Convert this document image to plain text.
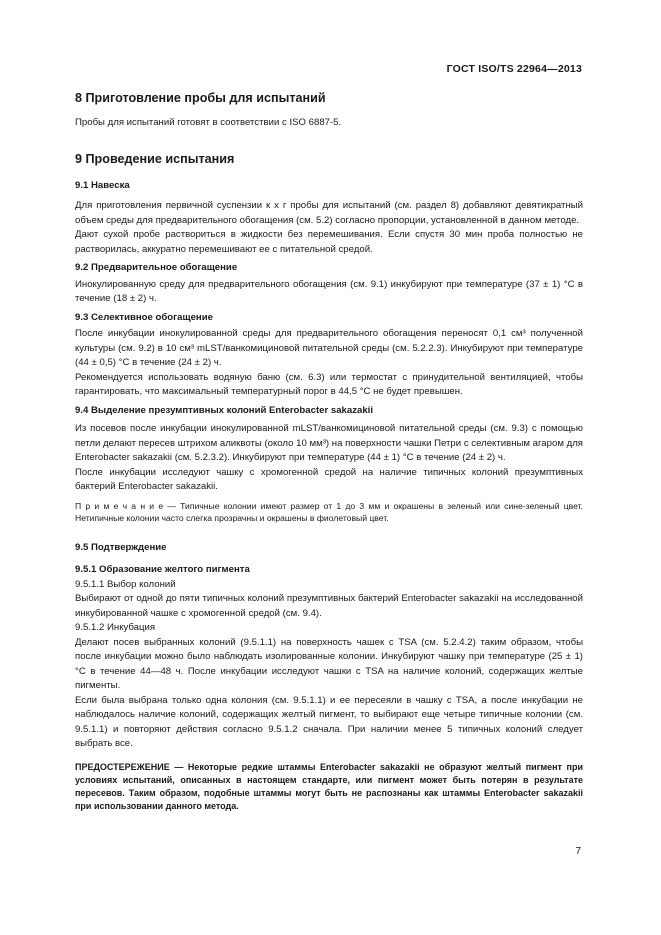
ГОСТ ISO/TS 22964—2013
8 Приготовление пробы для испытаний

Пробы для испытаний готовят в соответствии с ISO 6887-5.

9 Проведение испытания
9.1 Навеска

Для приготовления первичной суспензии к x г пробы для испытаний (см. раздел 8) добавляют девятикратный объем среды для предварительного обогащения (см. 5.2) согласно пропорции, установленной в данном методе.

Дают сухой пробе раствориться в жидкости без перемешивания. Если спустя 30 мин проба полностью не растворилась, аккуратно перемешивают ее с питательной средой.

9.2 Предварительное обогащение

Инокулированную среду для предварительного обогащения (см. 9.1) инкубируют при температуре (37 ± 1) °С в течение (18 ± 2) ч.

9.3 Селективное обогащение

После инкубации инокулированной среды для предварительного обогащения переносят 0,1 см³ полученной культуры (см. 9.2) в 10 см³ mLST/ванкомициновой питательной среды (см. 5.2.2.3). Инкубируют при температуре (44 ± 0,5) °С в течение (24 ± 2) ч.

Рекомендуется использовать водяную баню (см. 6.3) или термостат с принудительной вентиляцией, чтобы гарантировать, что максимальный температурный порог в 44,5 °С не будет превышен.

9.4 Выделение презумптивных колоний Enterobacter sakazakii

Из посевов после инкубации инокулированной mLST/ванкомициновой питательной среды (см. 9.3) с помощью петли делают пересев штрихом аликвоты (около 10 мм³) на поверхности чашки Петри с селективным агаром для Enterobacter sakazakii (см. 5.2.3.2). Инкубируют при температуре (44 ± 1) °С в течение (24 ± 2) ч.

После инкубации исследуют чашку с хромогенной средой на наличие типичных колоний презумптивных бактерий Enterobacter sakazakii.

П р и м е ч а н и е — Типичные колонии имеют размер от 1 до 3 мм и окрашены в зеленый или сине-зеленый цвет. Нетипичные колонии часто слегка прозрачны и окрашены в фиолетовый цвет.

9.5 Подтверждение
9.5.1 Образование желтого пигмента

9.5.1.1 Выбор колоний

Выбирают от одной до пяти типичных колоний презумптивных бактерий Enterobacter sakazakii на исследованной инкубированной чашке с хромогенной средой (см. 9.4).

9.5.1.2 Инкубация

Делают посев выбранных колоний (9.5.1.1) на поверхность чашек с TSA (см. 5.2.4.2) таким образом, чтобы после инкубации можно было наблюдать изолированные колонии. Инкубируют чашку при температуре (25 ± 1) °С в течение 44—48 ч. После инкубации исследуют чашки с TSA на наличие колоний, содержащих желтые пигменты.

Если была выбрана только одна колония (см. 9.5.1.1) и ее пересеяли в чашку с TSA, а после инкубации не наблюдалось наличие колоний, содержащих желтый пигмент, то выбирают еще четыре типичные колонии (см. 9.5.1.1) и повторяют действия согласно 9.5.1.2 сначала. При наличии менее 5 типичных колоний следует выбрать все.

ПРЕДОСТЕРЕЖЕНИЕ — Некоторые редкие штаммы Enterobacter sakazakii не образуют желтый пигмент при условиях испытаний, описанных в настоящем стандарте, или пигмент может быть потерян в результате пересевов. Таким образом, подобные штаммы могут быть не распознаны как штаммы Enterobacter sakazakii при использовании данного метода.

7
